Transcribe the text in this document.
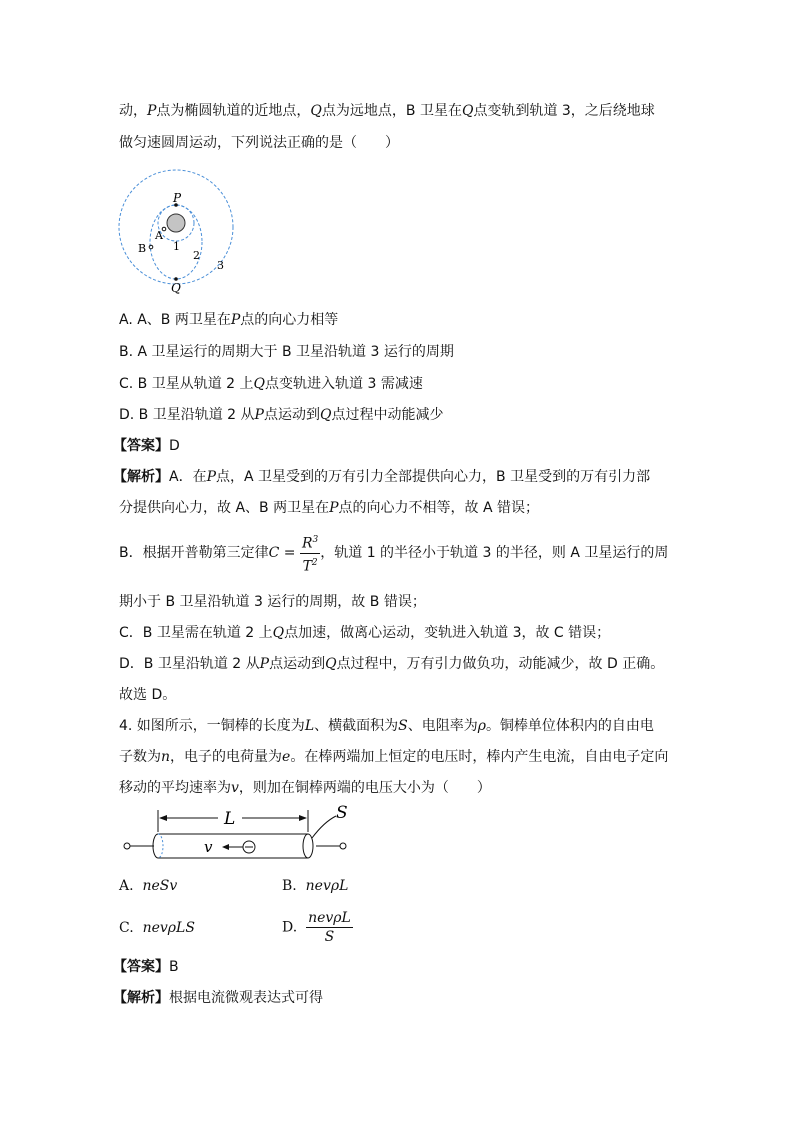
动，P点为椭圆轨道的近地点，Q点为远地点，B 卫星在Q点变轨到轨道 3，之后绕地球
做匀速圆周运动，下列说法正确的是（　　）
P
Q
A
B 1
2
3
A. A、B 两卫星在P点的向心力相等
B. A 卫星运行的周期大于 B 卫星沿轨道 3 运行的周期
C. B 卫星从轨道 2 上Q点变轨进入轨道 3 需减速
D. B 卫星沿轨道 2 从P点运动到Q点过程中动能减少
【答案】D
【解析】A．在P点，A 卫星受到的万有引力全部提供向心力，B 卫星受到的万有引力部
分提供向心力，故 A、B 两卫星在P点的向心力不相等，故 A 错误；
B．根据开普勒第三定律$C = \frac{R^3}{T^2}$ ，轨道 1 的半径小于轨道 3 的半径，则 A 卫星运行的周
期小于 B 卫星沿轨道 3 运行的周期，故 B 错误；
C．B 卫星需在轨道 2 上Q点加速，做离心运动，变轨进入轨道 3，故 C 错误；
D．B 卫星沿轨道 2 从P点运动到Q点过程中，万有引力做负功，动能减少，故 D 正确。
故选 D。
4. 如图所示，一铜棒的长度为L、横截面积为S、电阻率为ρ。铜棒单位体积内的自由电
子数为n，电子的电荷量为e。在棒两端加上恒定的电压时，棒内产生电流，自由电子定向
移动的平均速率为v，则加在铜棒两端的电压大小为（　　）
L	S
v
A. neSv	B. nevρL
C. nevρLS	D. $\frac{\text{nevρL}}{S}$
【答案】B
【解析】根据电流微观表达式可得
